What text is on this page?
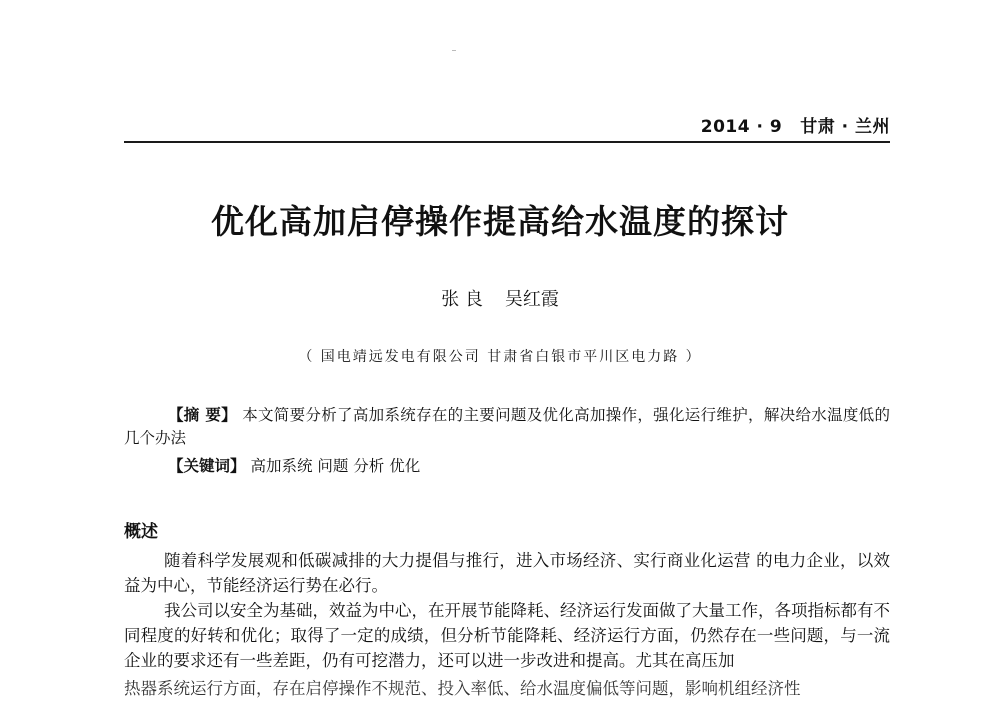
2014 · 9 甘肃 · 兰州
优化高加启停操作提高给水温度的探讨
张 良 吴红霞
（ 国电靖远发电有限公司 甘肃省白银市平川区电力路 ）
【摘 要】 本文简要分析了高加系统存在的主要问题及优化高加操作，强化运行维护，解决给水温度低的几个办法
【关键词】 高加系统 问题 分析 优化
概述

随着科学发展观和低碳减排的大力提倡与推行，进入市场经济、实行商业化运营 的电力企业，以效益为中心，节能经济运行势在必行。

我公司以安全为基础，效益为中心，在开展节能降耗、经济运行发面做了大量工作，各项指标都有不同程度的好转和优化；取得了一定的成绩，但分析节能降耗、经济运行方面，仍然存在一些问题，与一流企业的要求还有一些差距，仍有可挖潜力，还可以进一步改进和提高。尤其在高压加

热器系统运行方面，存在启停操作不规范、投入率低、给水温度偏低等问题，影响机组经济性
